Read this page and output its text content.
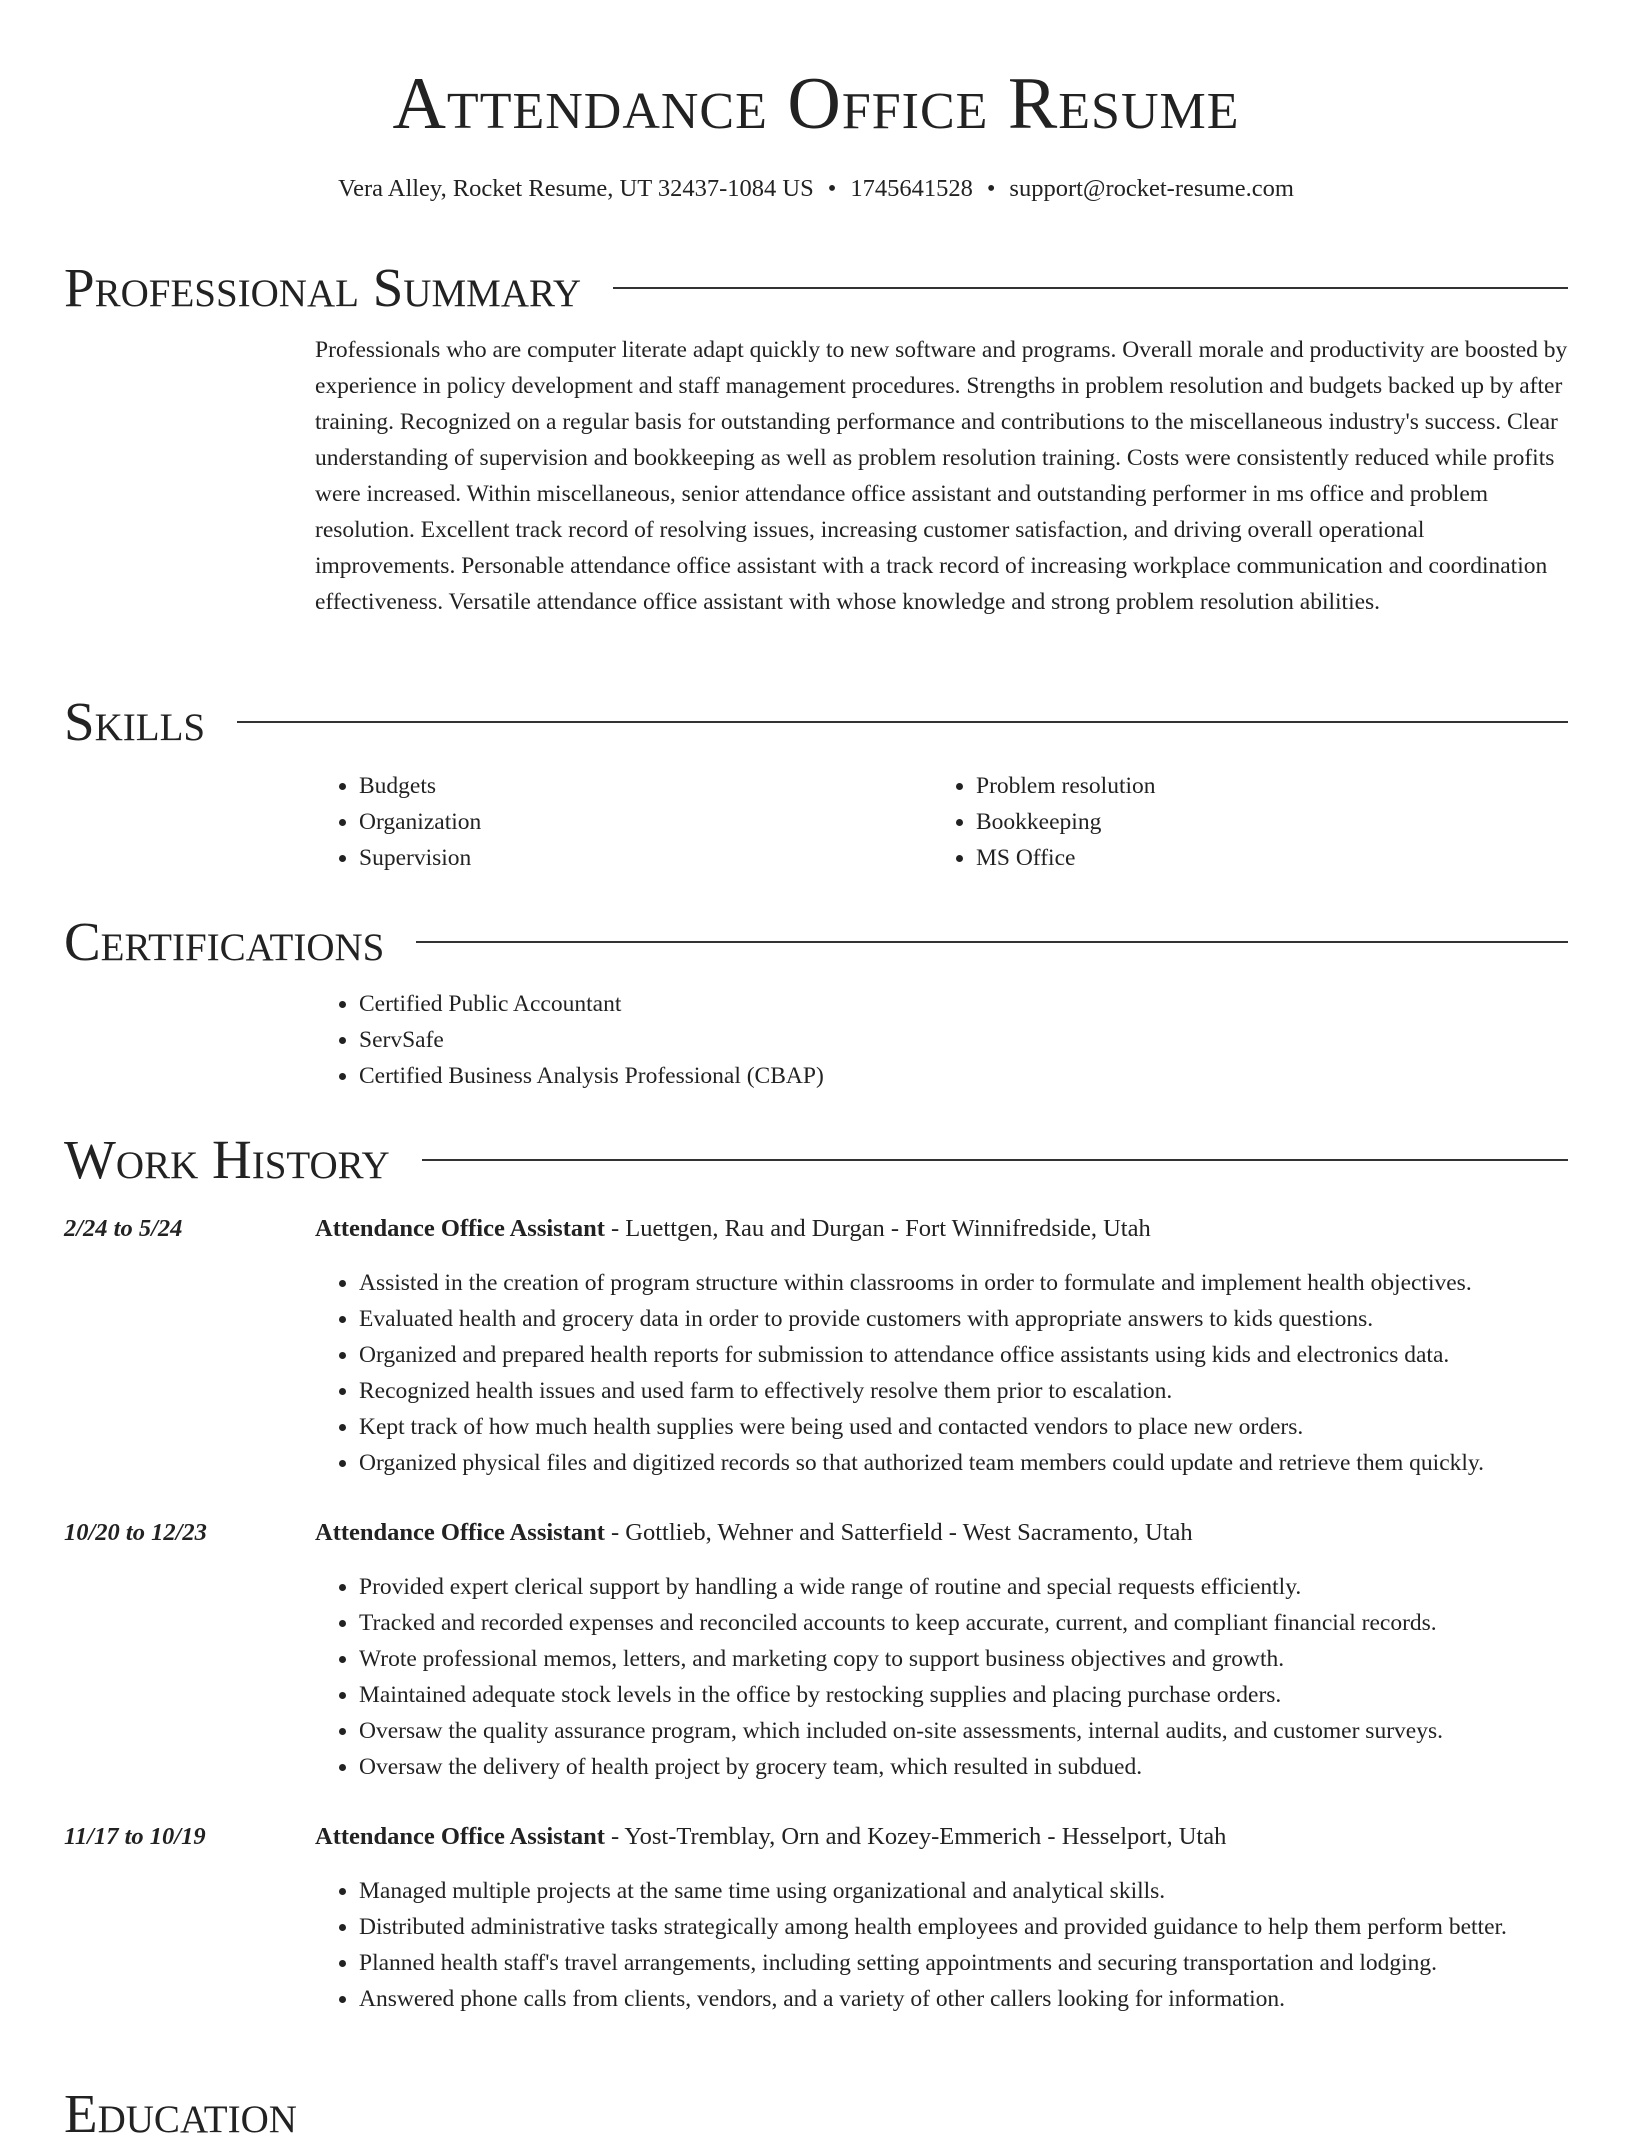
Attendance Office Resume
Vera Alley, Rocket Resume, UT 32437-1084 US • 1745641528 • support@rocket-resume.com
Professional Summary

Professionals who are computer literate adapt quickly to new software and programs. Overall morale and productivity are boosted by experience in policy development and staff management procedures. Strengths in problem resolution and budgets backed up by after training. Recognized on a regular basis for outstanding performance and contributions to the miscellaneous industry's success. Clear understanding of supervision and bookkeeping as well as problem resolution training. Costs were consistently reduced while profits were increased. Within miscellaneous, senior attendance office assistant and outstanding performer in ms office and problem resolution. Excellent track record of resolving issues, increasing customer satisfaction, and driving overall operational improvements. Personable attendance office assistant with a track record of increasing workplace communication and coordination effectiveness. Versatile attendance office assistant with whose knowledge and strong problem resolution abilities.

Skills
• Budgets
• Organization
• Supervision
• Problem resolution
• Bookkeeping
• MS Office
Certifications
• Certified Public Accountant
• ServSafe
• Certified Business Analysis Professional (CBAP)
Work History
2/24 to 5/24	Attendance Office Assistant - Luettgen, Rau and Durgan - Fort Winnifredside, Utah
• Assisted in the creation of program structure within classrooms in order to formulate and implement health objectives.
• Evaluated health and grocery data in order to provide customers with appropriate answers to kids questions.
• Organized and prepared health reports for submission to attendance office assistants using kids and electronics data.
• Recognized health issues and used farm to effectively resolve them prior to escalation.
• Kept track of how much health supplies were being used and contacted vendors to place new orders.
• Organized physical files and digitized records so that authorized team members could update and retrieve them quickly.
10/20 to 12/23	Attendance Office Assistant - Gottlieb, Wehner and Satterfield - West Sacramento, Utah
• Provided expert clerical support by handling a wide range of routine and special requests efficiently.
• Tracked and recorded expenses and reconciled accounts to keep accurate, current, and compliant financial records.
• Wrote professional memos, letters, and marketing copy to support business objectives and growth.
• Maintained adequate stock levels in the office by restocking supplies and placing purchase orders.
• Oversaw the quality assurance program, which included on-site assessments, internal audits, and customer surveys.
• Oversaw the delivery of health project by grocery team, which resulted in subdued.
11/17 to 10/19	Attendance Office Assistant - Yost-Tremblay, Orn and Kozey-Emmerich - Hesselport, Utah
• Managed multiple projects at the same time using organizational and analytical skills.
• Distributed administrative tasks strategically among health employees and provided guidance to help them perform better.
• Planned health staff's travel arrangements, including setting appointments and securing transportation and lodging.
• Answered phone calls from clients, vendors, and a variety of other callers looking for information.
Education
